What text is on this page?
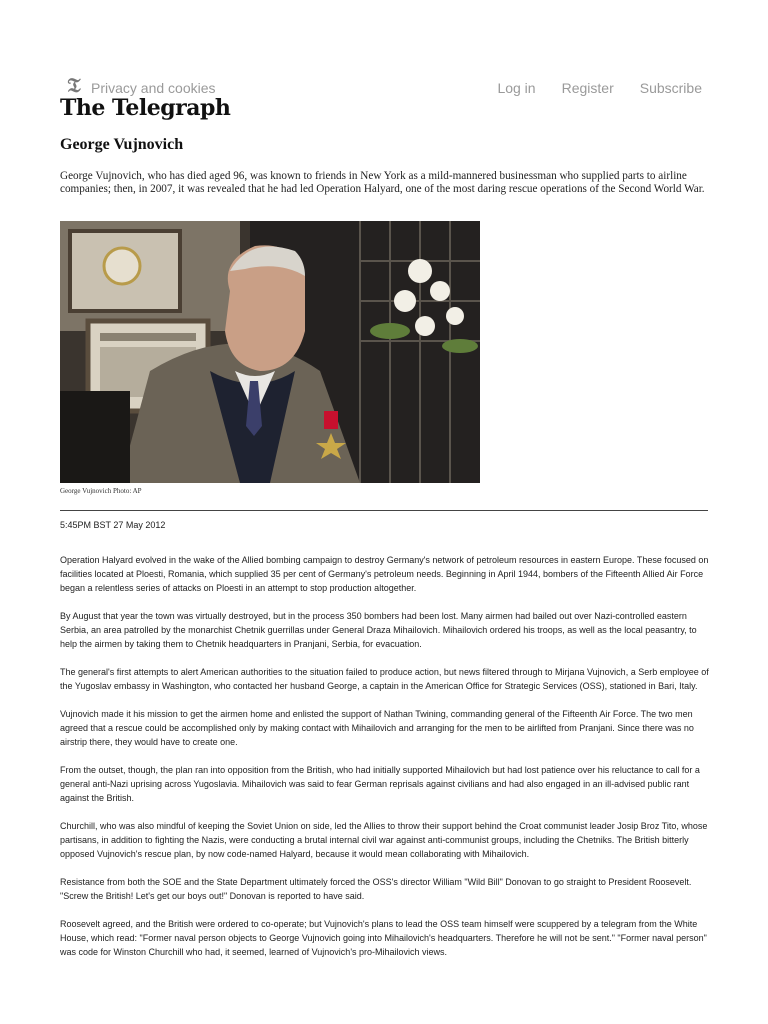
𝔗 Privacy and cookies	Log in Register Subscribe
The Telegraph
George Vujnovich
George Vujnovich, who has died aged 96, was known to friends in New York as a mild-mannered businessman who supplied parts to airline companies; then, in 2007, it was revealed that he had led Operation Halyard, one of the most daring rescue operations of the Second World War.
George Vujnovich Photo: AP
5:45PM BST 27 May 2012

Operation Halyard evolved in the wake of the Allied bombing campaign to destroy Germany's network of petroleum resources in eastern Europe. These focused on facilities located at Ploesti, Romania, which supplied 35 per cent of Germany's petroleum needs. Beginning in April 1944, bombers of the Fifteenth Allied Air Force began a relentless series of attacks on Ploesti in an attempt to stop production altogether.

By August that year the town was virtually destroyed, but in the process 350 bombers had been lost. Many airmen had bailed out over Nazi-controlled eastern Serbia, an area patrolled by the monarchist Chetnik guerrillas under General Draza Mihailovich. Mihailovich ordered his troops, as well as the local peasantry, to help the airmen by taking them to Chetnik headquarters in Pranjani, Serbia, for evacuation.

The general's first attempts to alert American authorities to the situation failed to produce action, but news filtered through to Mirjana Vujnovich, a Serb employee of the Yugoslav embassy in Washington, who contacted her husband George, a captain in the American Office for Strategic Services (OSS), stationed in Bari, Italy.

Vujnovich made it his mission to get the airmen home and enlisted the support of Nathan Twining, commanding general of the Fifteenth Air Force. The two men agreed that a rescue could be accomplished only by making contact with Mihailovich and arranging for the men to be airlifted from Pranjani. Since there was no airstrip there, they would have to create one.

From the outset, though, the plan ran into opposition from the British, who had initially supported Mihailovich but had lost patience over his reluctance to call for a general anti-Nazi uprising across Yugoslavia. Mihailovich was said to fear German reprisals against civilians and had also engaged in an ill-advised public rant against the British.

Churchill, who was also mindful of keeping the Soviet Union on side, led the Allies to throw their support behind the Croat communist leader Josip Broz Tito, whose partisans, in addition to fighting the Nazis, were conducting a brutal internal civil war against anti-communist groups, including the Chetniks. The British bitterly opposed Vujnovich's rescue plan, by now code-named Halyard, because it would mean collaborating with Mihailovich.

Resistance from both the SOE and the State Department ultimately forced the OSS's director William "Wild Bill" Donovan to go straight to President Roosevelt. "Screw the British! Let's get our boys out!" Donovan is reported to have said.

Roosevelt agreed, and the British were ordered to co-operate; but Vujnovich's plans to lead the OSS team himself were scuppered by a telegram from the White House, which read: "Former naval person objects to George Vujnovich going into Mihailovich's headquarters. Therefore he will not be sent." "Former naval person" was code for Winston Churchill who had, it seemed, learned of Vujnovich's pro-Mihailovich views.
